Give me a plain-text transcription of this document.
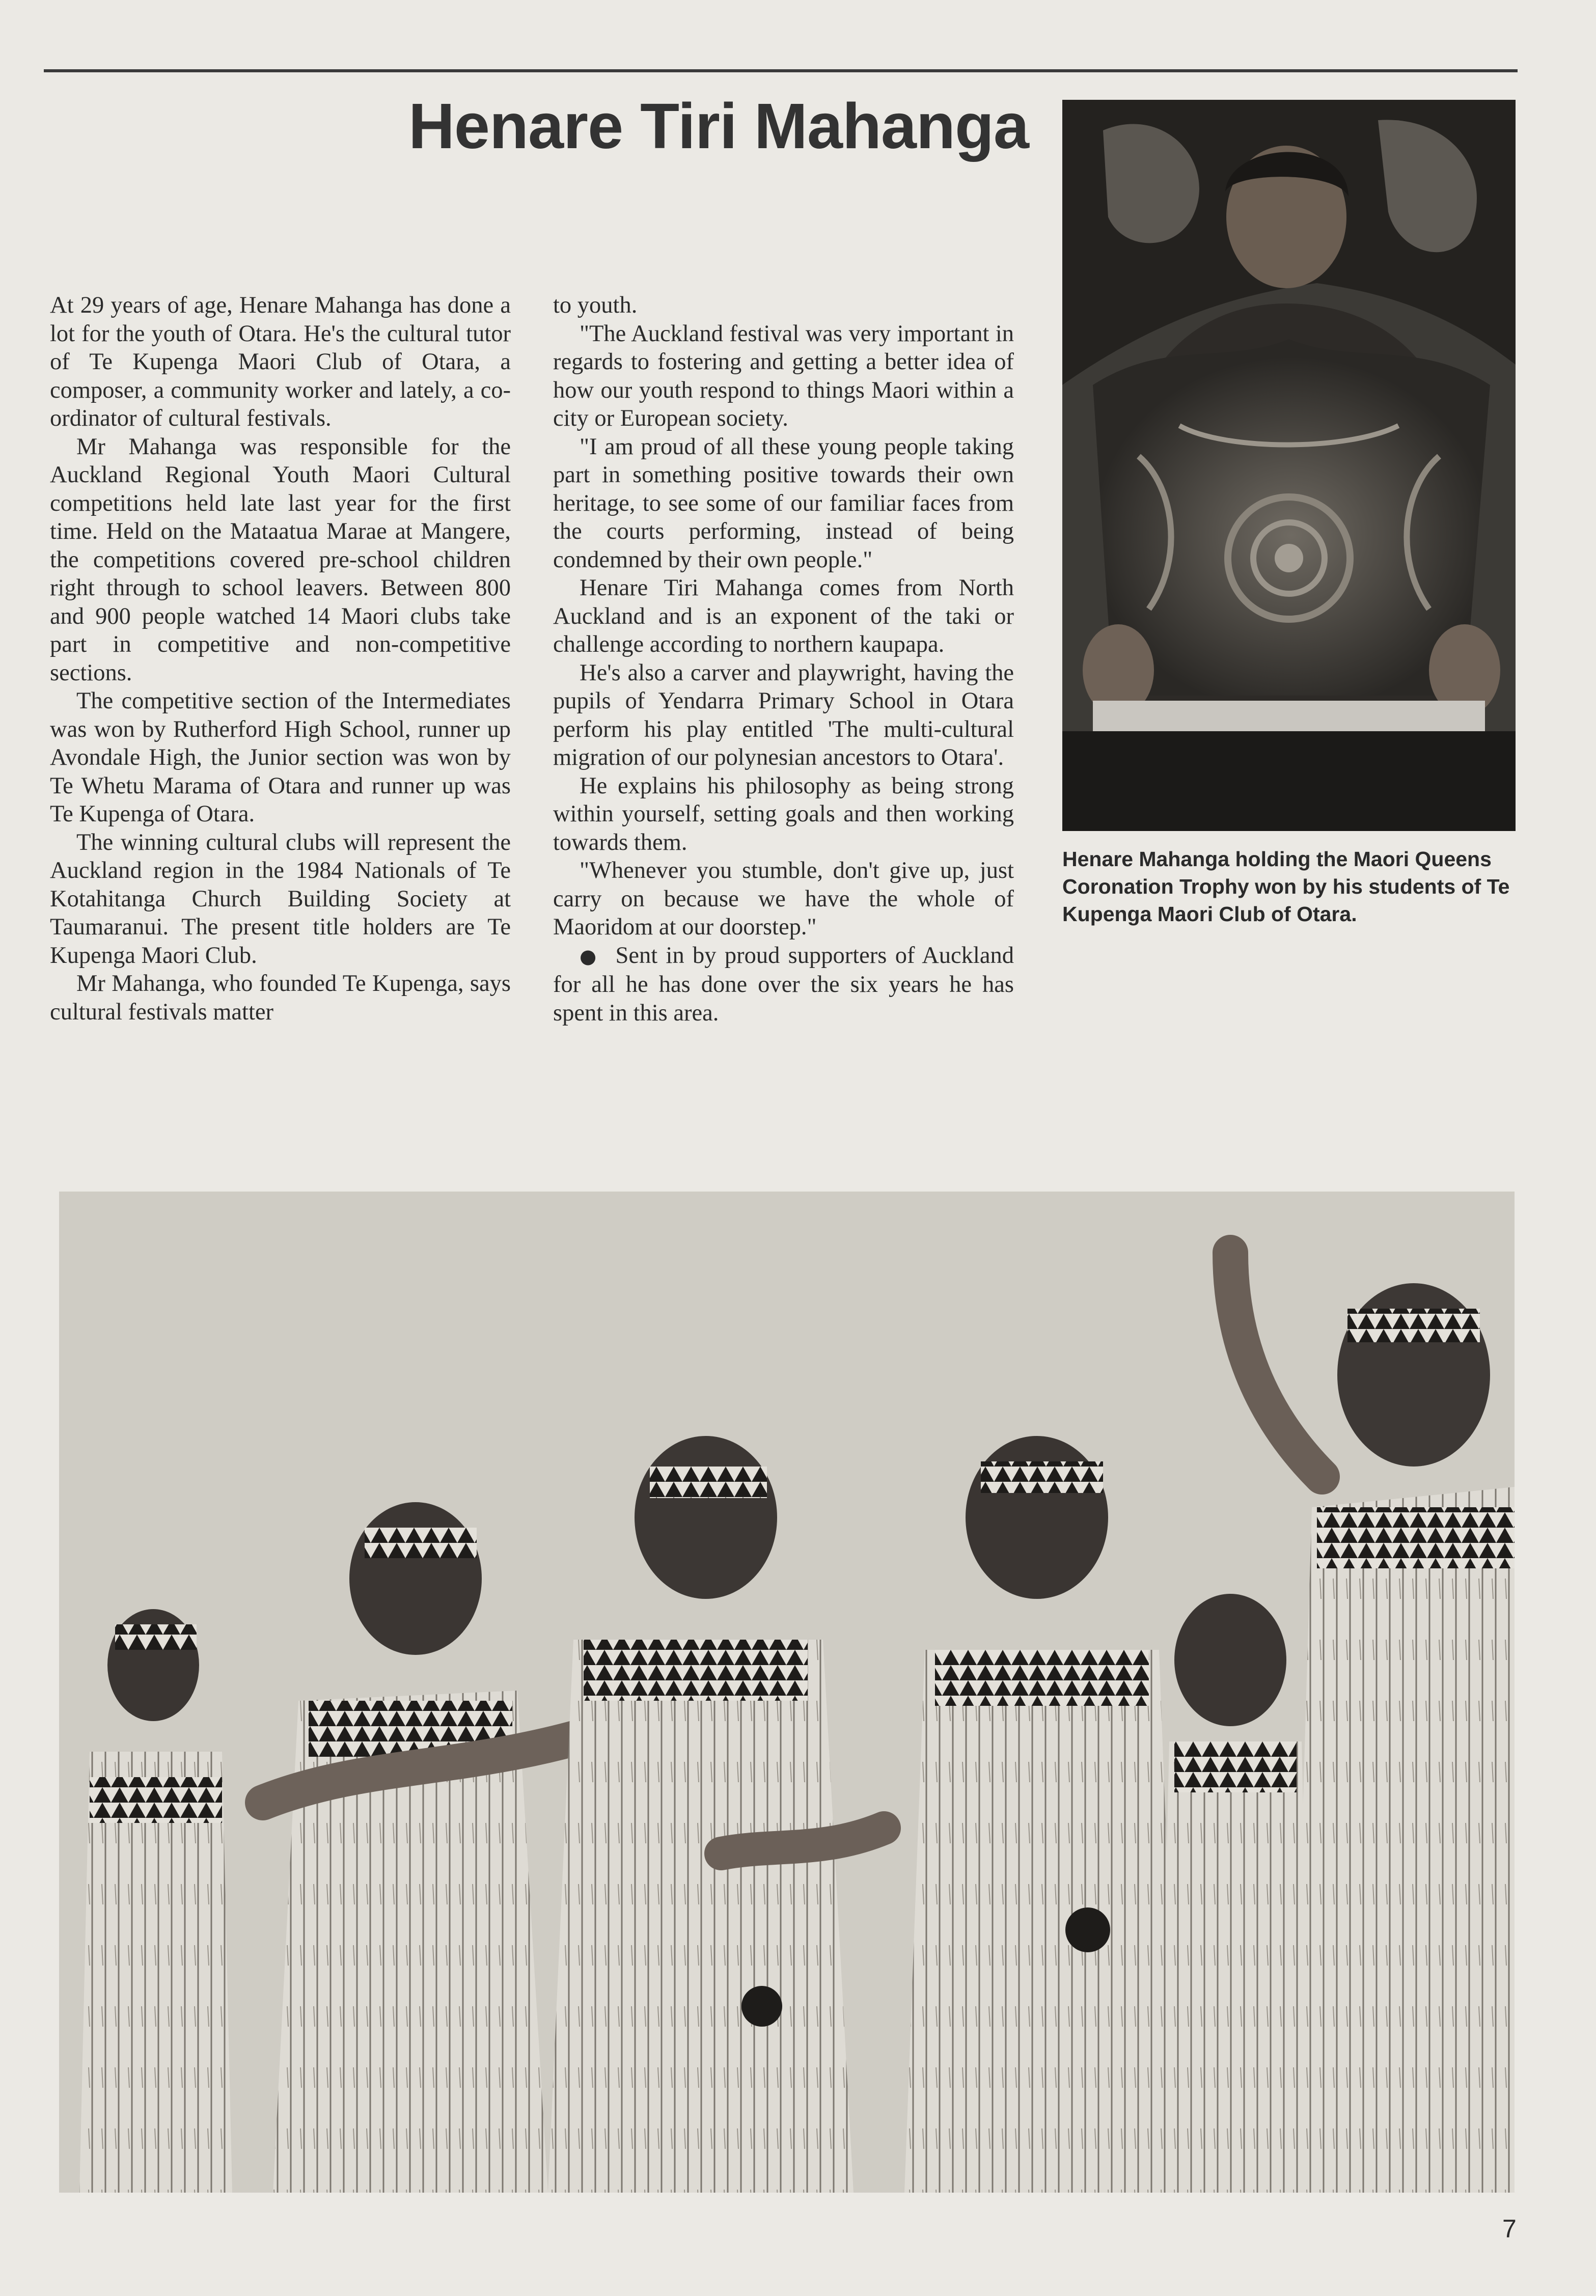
Henare Tiri Mahanga

At 29 years of age, Henare Mahanga has done a lot for the youth of Otara. He's the cultural tutor of Te Kupenga Maori Club of Otara, a composer, a community worker and lately, a co-ordinator of cultural festivals.

Mr Mahanga was responsible for the Auckland Regional Youth Maori Cultural competitions held late last year for the first time. Held on the Mataatua Marae at Mangere, the competitions covered pre-school children right through to school leavers. Between 800 and 900 people watched 14 Maori clubs take part in competitive and non-competitive sections.

The competitive section of the Intermediates was won by Rutherford High School, runner up Avondale High, the Junior section was won by Te Whetu Marama of Otara and runner up was Te Kupenga of Otara.

The winning cultural clubs will represent the Auckland region in the 1984 Nationals of Te Kotahitanga Church Building Society at Taumaranui. The present title holders are Te Kupenga Maori Club.

Mr Mahanga, who founded Te Kupenga, says cultural festivals matter

to youth.

"The Auckland festival was very important in regards to fostering and getting a better idea of how our youth respond to things Maori within a city or European society.

"I am proud of all these young people taking part in something positive towards their own heritage, to see some of our familiar faces from the courts performing, instead of being condemned by their own people."

Henare Tiri Mahanga comes from North Auckland and is an exponent of the taki or challenge according to northern kaupapa.

He's also a carver and playwright, having the pupils of Yendarra Primary School in Otara perform his play entitled 'The multi-cultural migration of our polynesian ancestors to Otara'.

He explains his philosophy as being strong within yourself, setting goals and then working towards them.

"Whenever you stumble, don't give up, just carry on because we have the whole of Maoridom at our doorstep."

● Sent in by proud supporters of Auckland for all he has done over the six years he has spent in this area.

Henare Mahanga holding the Maori Queens Coronation Trophy won by his students of Te Kupenga Maori Club of Otara.
7
